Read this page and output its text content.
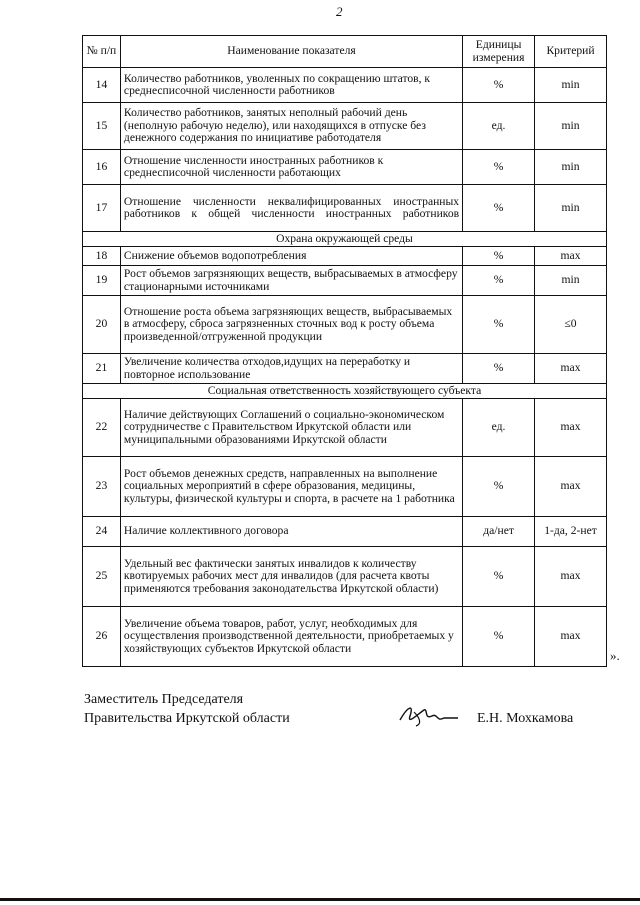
2
№ п/п	Наименование показателя	Единицы измерения	Критерий
14	Количество работников, уволенных по сокращению штатов, к среднесписочной численности работников	%	min
15	Количество работников, занятых неполный рабочий день (неполную рабочую неделю), или находящихся в отпуске без денежного содержания по инициативе работодателя	ед.	min
16	Отношение численности иностранных работников к среднесписочной численности работающих	%	min
17	Отношение численности неквалифицированных иностранных работников к общей численности иностранных работников	%	min
Охрана окружающей среды			
18	Снижение объемов водопотребления	%	max
19	Рост объемов загрязняющих веществ, выбрасываемых в атмосферу стационарными источниками	%	min
20	Отношение роста объема загрязняющих веществ, выбрасываемых в атмосферу, сброса загрязненных сточных вод к росту объема произведенной/отгруженной продукции	%	≤0
21	Увеличение количества отходов,идущих на переработку и повторное использование	%	max
Социальная ответственность хозяйствующего субъекта			
22	Наличие действующих Соглашений о социально-экономическом сотрудничестве с Правительством Иркутской области или муниципальными образованиями Иркутской области	ед.	max
23	Рост объемов денежных средств, направленных на выполнение социальных мероприятий в сфере образования, медицины, культуры, физической культуры и спорта, в расчете на 1 работника	%	max
24	Наличие коллективного договора	да/нет	1-да, 2-нет
25	Удельный вес фактически занятых инвалидов к количеству квотируемых рабочих мест для инвалидов (для расчета квоты применяются требования законодательства Иркутской области)	%	max
26	Увеличение объема товаров, работ, услуг, необходимых для осуществления производственной деятельности, приобретаемых у хозяйствующих субъектов Иркутской области	%	max
».
Заместитель Председателя
Правительства Иркутской области	Е.Н. Мохкамова
